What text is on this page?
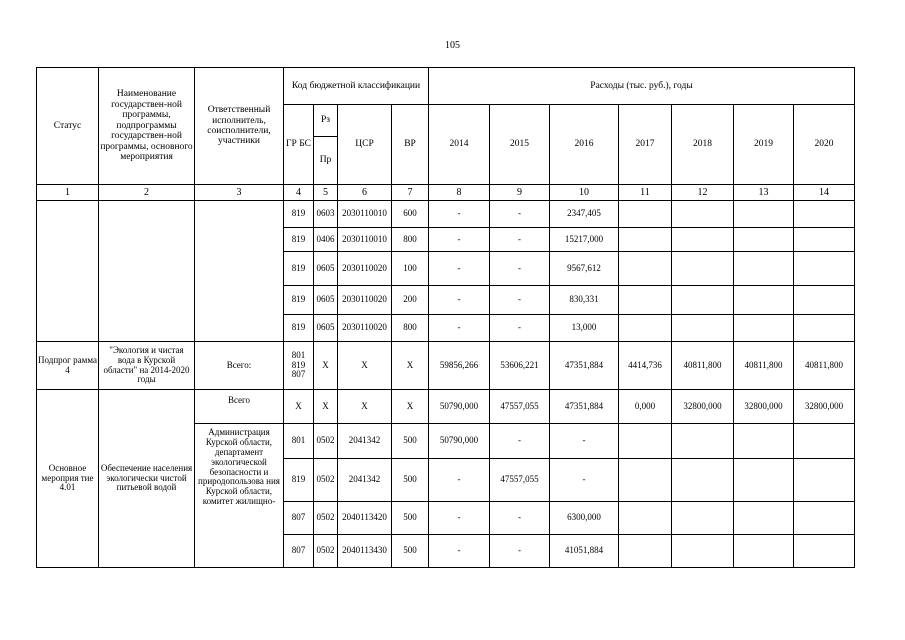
105
Статус	Наименование государствен-ной программы, подпрограммы государствен-ной программы, основного мероприятия	Ответственный исполнитель, соисполнители, участники	Код бюджетной классификации				Расходы (тыс. руб.), годы						
			ГР БС	Рз	ЦСР	ВР	2014	2015	2016	2017	2018	2019	2020
				Пр									
1	2	3	4	5	6	7	8	9	10	11	12	13	14
			819	0603	2030110010	600	-	-	2347,405				
			819	0406	2030110010	800	-	-	15217,000				
			819	0605	2030110020	100	-	-	9567,612				
			819	0605	2030110020	200	-	-	830,331				
			819	0605	2030110020	800	-	-	13,000				
Подпрог рамма 4	"Экология и чистая вода в Курской области" на 2014-2020 годы	Всего:	801 819 807	X	X	X	59856,266	53606,221	47351,884	4414,736	40811,800	40811,800	40811,800
Основное мероприя тие 4.01	Обеспечение населения экологически чистой питьевой водой	Всего	X	X	X	X	50790,000	47557,055	47351,884	0,000	32800,000	32800,000	32800,000
		Администрация Курской области, департамент экологической безопасности и природопользова ния Курской области, комитет жилищно-	801	0502	2041342	500	50790,000	-	-				
			819	0502	2041342	500	-	47557,055	-				
			807	0502	2040113420	500	-	-	6300,000				
			807	0502	2040113430	500	-	-	41051,884				
